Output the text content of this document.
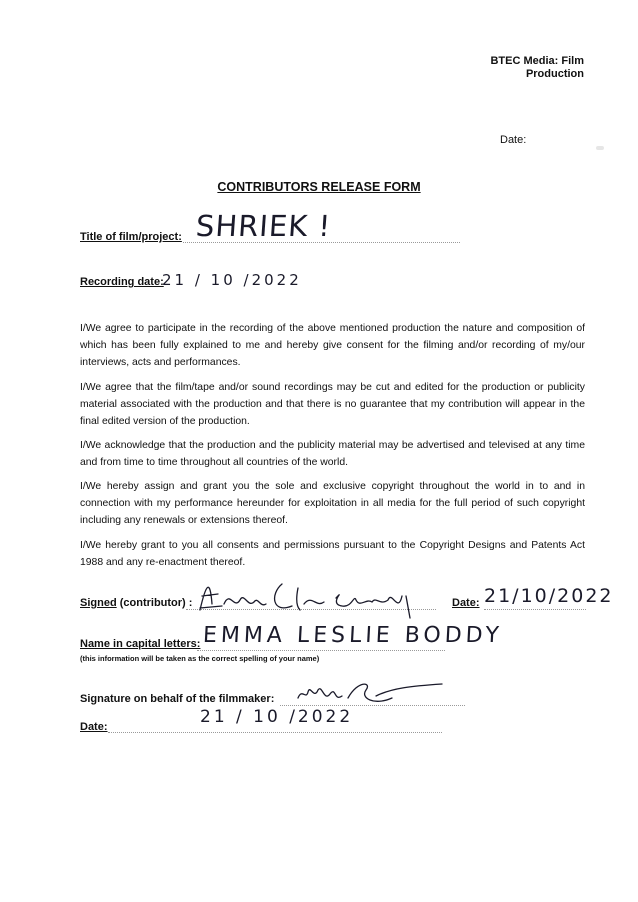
BTEC Media: Film
Production
Date:
CONTRIBUTORS RELEASE FORM
Title of film/project: SHRIEK !
Recording date:
21 / 10 /2022
I/We agree to participate in the recording of the above mentioned production the nature and composition of which has been fully explained to me and hereby give consent for the filming and/or recording of my/our interviews, acts and performances.
I/We agree that the film/tape and/or sound recordings may be cut and edited for the production or publicity material associated with the production and that there is no guarantee that my contribution will appear in the final edited version of the production.
I/We acknowledge that the production and the publicity material may be advertised and televised at any time and from time to time throughout all countries of the world.
I/We hereby assign and grant you the sole and exclusive copyright throughout the world in to and in connection with my performance hereunder for exploitation in all media for the full period of such copyright including any renewals or extensions thereof.
I/We hereby grant to you all consents and permissions pursuant to the Copyright Designs and Patents Act 1988 and any re-enactment thereof.
Signed (contributor) :	Date: 21/10/2022
Name in capital letters: EMMA LESLIE BODDY
(this information will be taken as the correct spelling of your name)
Signature on behalf of the filmmaker:
Date:	21 / 10 /2022
